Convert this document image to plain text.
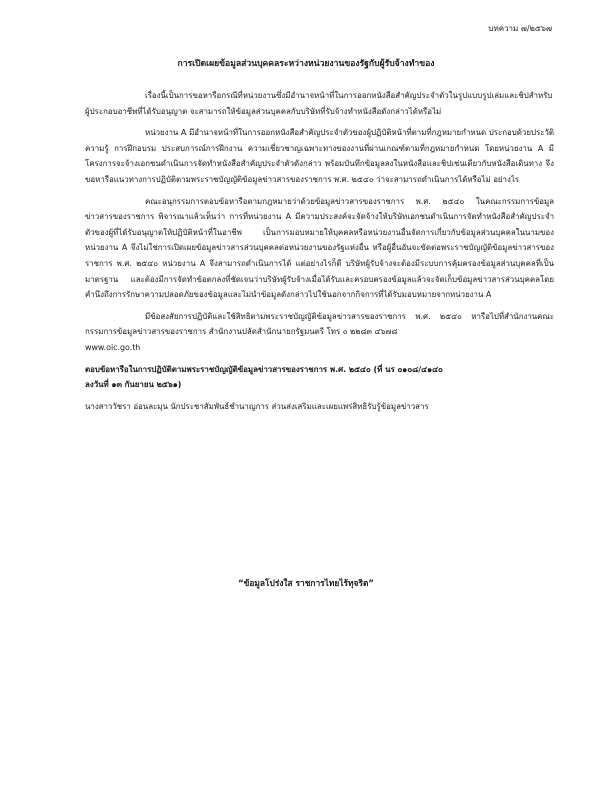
บทความ ๗/๒๕๖๗
การเปิดเผยข้อมูลส่วนบุคคลระหว่างหน่วยงานของรัฐกับผู้รับจ้างทำของ

เรื่องนี้เป็นการขอหารือกรณีที่หน่วยงานซึ่งมีอำนาจหน้าที่ในการออกหนังสือสำคัญประจำตัวในรูปแบบรูปเล่มและชิปสำหรับผู้ประกอบอาชีพที่ได้รับอนุญาต จะสามารถให้ข้อมูลส่วนบุคคลกับบริษัทที่รับจ้างทำหนังสือดังกล่าวได้หรือไม่

หน่วยงาน A มีอำนาจหน้าที่ในการออกหนังสือสำคัญประจำตัวของผู้ปฏิบัติหน้าที่ตามที่กฎหมายกำหนด ประกอบด้วยประวัติ ความรู้ การฝึกอบรม ประสบการณ์การฝึกงาน ความเชี่ยวชาญเฉพาะทางของงานที่ผ่านเกณฑ์ตามที่กฎหมายกำหนด โดยหน่วยงาน A มีโครงการจะจ้างเอกชนดำเนินการจัดทำหนังสือสำคัญประจำตัวดังกล่าว พร้อมบันทึกข้อมูลลงในหนังสือและชิปเช่นเดียวกับหนังสือเดินทาง จึงขอหารือแนวทางการปฏิบัติตามพระราชบัญญัติข้อมูลข่าวสารของราชการ พ.ศ. ๒๕๔๐ ว่าจะสามารถดำเนินการได้หรือไม่ อย่างไร

คณะอนุกรรมการตอบข้อหารือตามกฎหมายว่าด้วยข้อมูลข่าวสารของราชการ พ.ศ. ๒๕๔๐ ในคณะกรรมการข้อมูลข่าวสารของราชการ พิจารณาแล้วเห็นว่า การที่หน่วยงาน A มีความประสงค์จะจัดจ้างให้บริษัทเอกชนดำเนินการจัดทำหนังสือสำคัญประจำตัวของผู้ที่ได้รับอนุญาตให้ปฏิบัติหน้าที่ในอาชีพ เป็นการมอบหมายให้บุคคลหรือหน่วยงานอื่นจัดการเกี่ยวกับข้อมูลส่วนบุคคลในนามของหน่วยงาน A จึงไม่ใช่การเปิดเผยข้อมูลข่าวสารส่วนบุคคลต่อหน่วยงานของรัฐแห่งอื่น หรือผู้อื่นอันจะขัดต่อพระราชบัญญัติข้อมูลข่าวสารของราชการ พ.ศ. ๒๕๔๐ หน่วยงาน A จึงสามารถดำเนินการได้ แต่อย่างไรก็ดี บริษัทผู้รับจ้างจะต้องมีระบบการคุ้มครองข้อมูลส่วนบุคคลที่เป็นมาตรฐาน และต้องมีการจัดทำข้อตกลงที่ชัดเจนว่าบริษัทผู้รับจ้างเมื่อได้รับและครอบครองข้อมูลแล้วจะจัดเก็บข้อมูลข่าวสารส่วนบุคคลโดยคำนึงถึงการรักษาความปลอดภัยของข้อมูลและไม่นำข้อมูลดังกล่าวไปใช้นอกจากกิจการที่ได้รับมอบหมายจากหน่วยงาน A

มีข้อสงสัยการปฏิบัติและใช้สิทธิตามพระราชบัญญัติข้อมูลข่าวสารของราชการ พ.ศ. ๒๕๔๐ หารือไปที่สำนักงานคณะกรรมการข้อมูลข่าวสารของราชการ สำนักงานปลัดสำนักนายกรัฐมนตรี โทร ๐ ๒๒๘๓ ๔๖๗๘

www.oic.go.th

ตอบข้อหารือในการปฏิบัติตามพระราชบัญญัติข้อมูลข่าวสารของราชการ พ.ศ. ๒๕๔๐ (ที่ นร ๐๑๐๘/๔๑๔๐
ลงวันที่ ๑๓ กันยายน ๒๕๖๑)

นางสาววัชรา อ่อนละมุน นักประชาสัมพันธ์ชำนาญการ ส่วนส่งเสริมและเผยแพร่สิทธิรับรู้ข้อมูลข่าวสาร

“ข้อมูลโปร่งใส ราชการไทยไร้ทุจริต”
